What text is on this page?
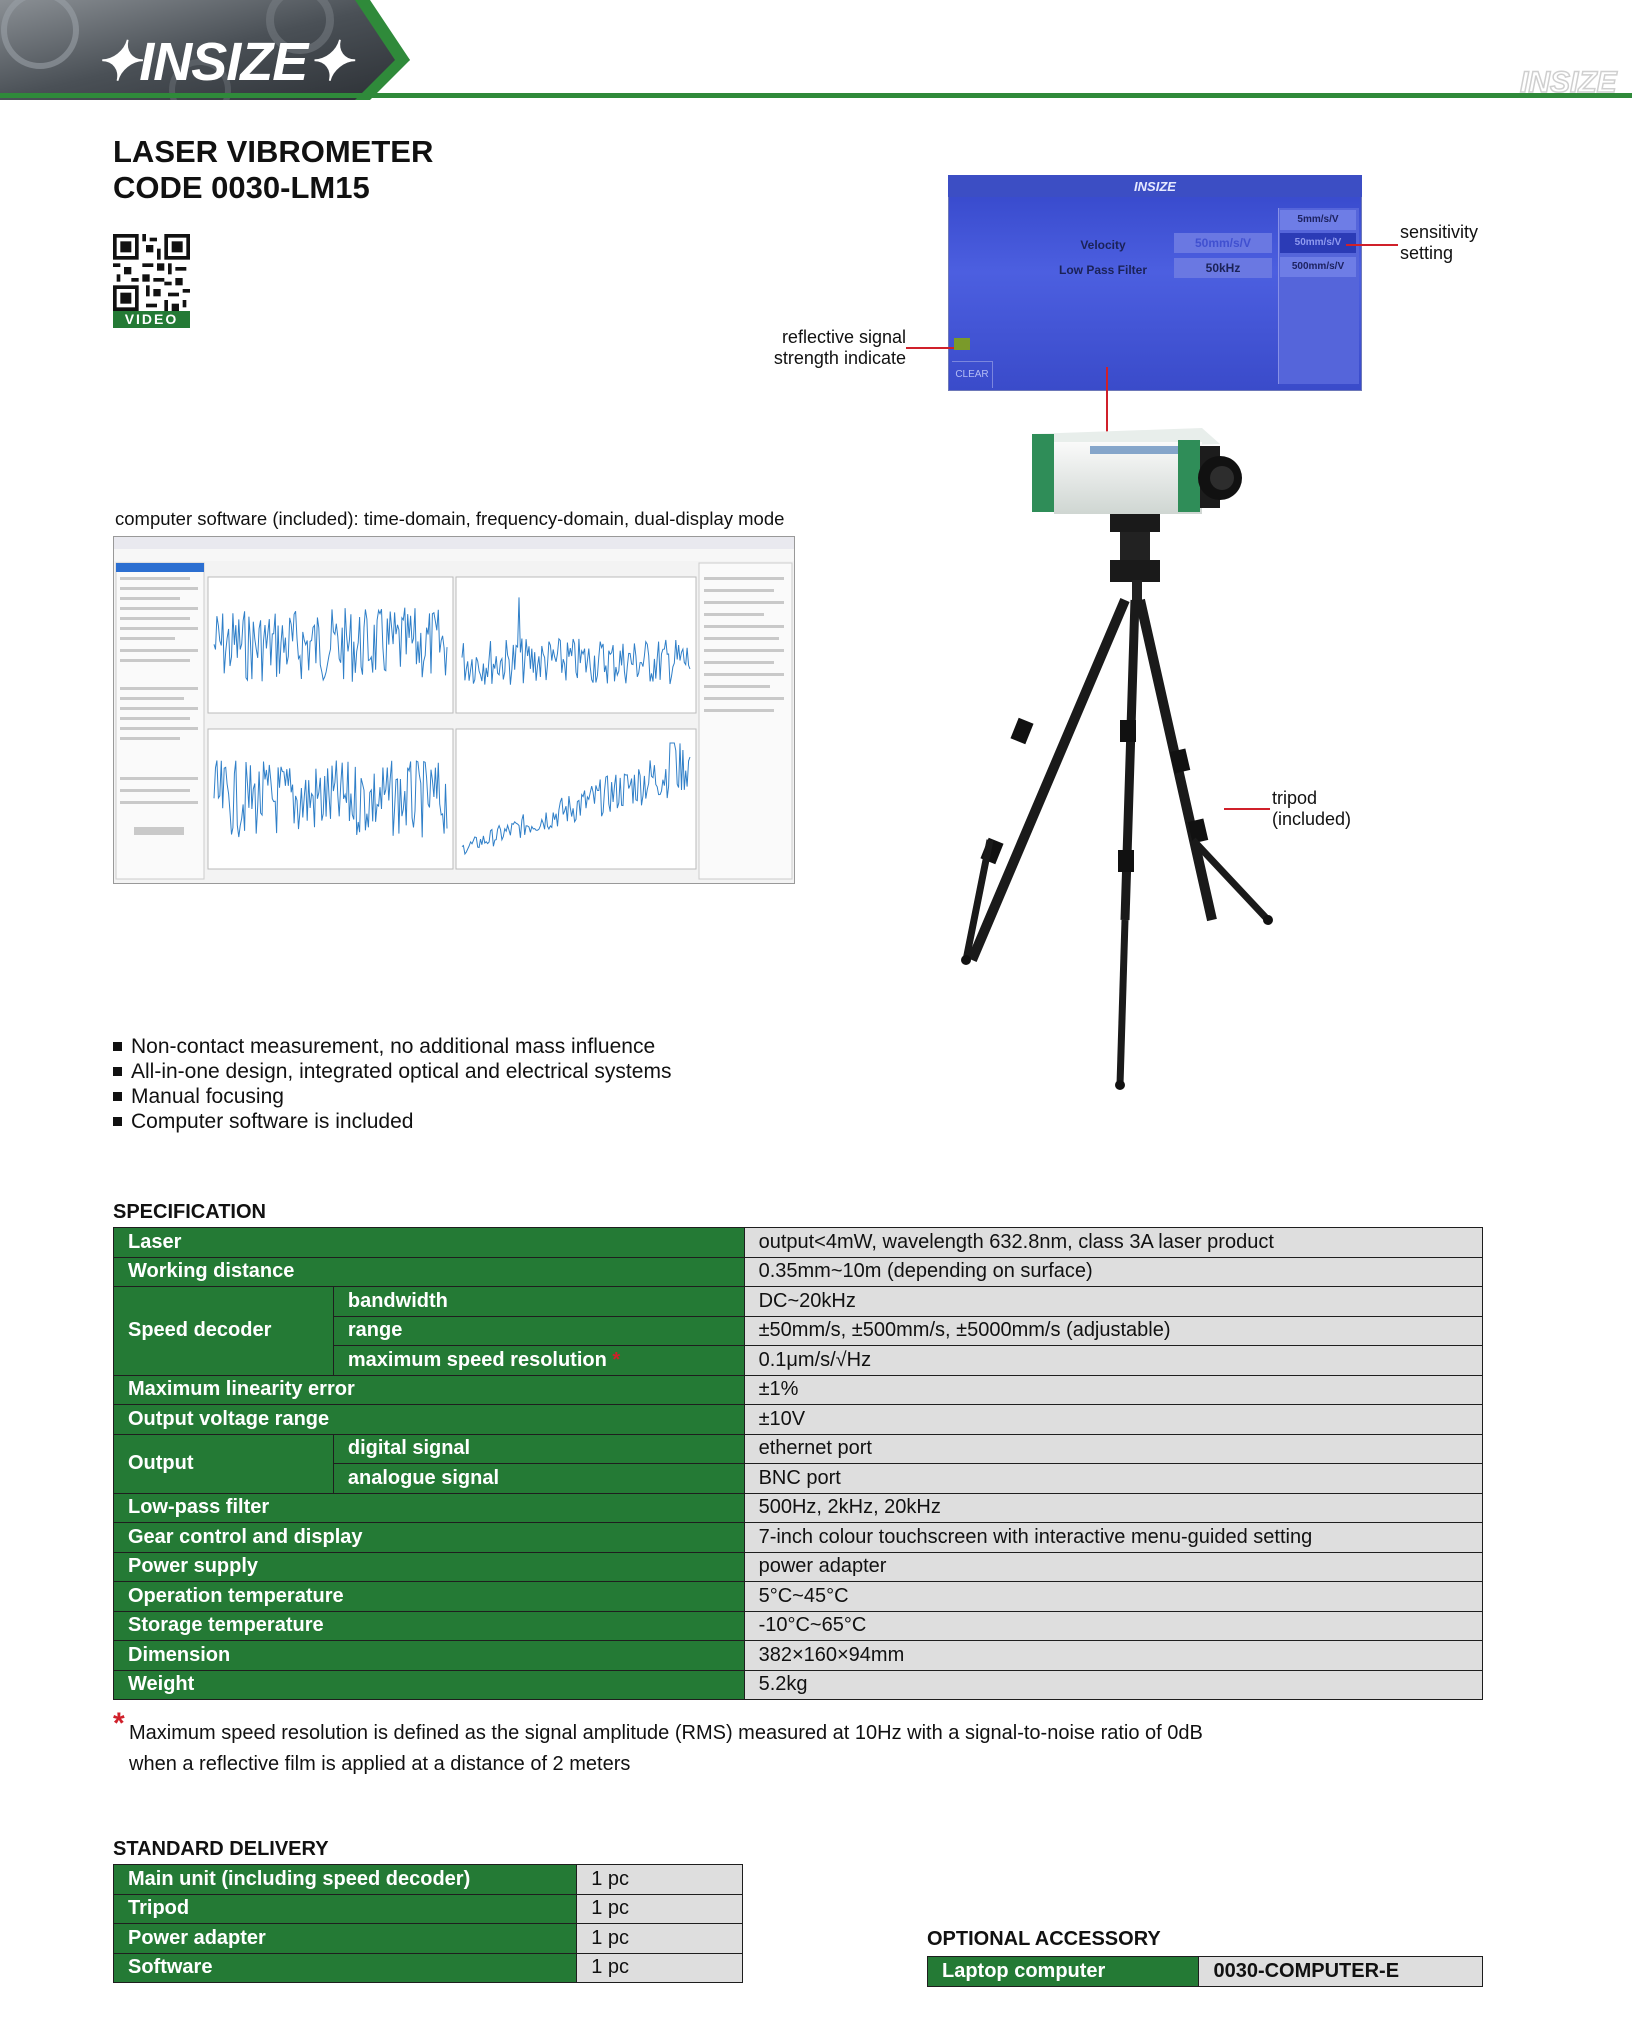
✦INSIZE✦	INSIZE
LASER VIBROMETER
CODE 0030-LM15
VIDEO
computer software (included): time-domain, frequency-domain, dual-display mode
INSIZE
5mm/s/V
50mm/s/V
500mm/s/V
Velocity
Low Pass Filter
50mm/s/V
50kHz
CLEAR
sensitivity
setting
reflective signal
strength indicate
tripod
(included)
Non-contact measurement, no additional mass influence
All-in-one design, integrated optical and electrical systems
Manual focusing
Computer software is included
SPECIFICATION
Laser		output<4mW, wavelength 632.8nm, class 3A laser product
Working distance		0.35mm~10m (depending on surface)
Speed decoder	bandwidth	DC~20kHz
	range	±50mm/s, ±500mm/s, ±5000mm/s (adjustable)
	maximum speed resolution *	0.1μm/s/√Hz
Maximum linearity error		±1%
Output voltage range		±10V
Output	digital signal	ethernet port
	analogue signal	BNC port
Low-pass filter		500Hz, 2kHz, 20kHz
Gear control and display		7-inch colour touchscreen with interactive menu-guided setting
Power supply		power adapter
Operation temperature		5°C~45°C
Storage temperature		-10°C~65°C
Dimension		382×160×94mm
Weight		5.2kg
* Maximum speed resolution is defined as the signal amplitude (RMS) measured at 10Hz with a signal-to-noise ratio of 0dB
when a reflective film is applied at a distance of 2 meters
STANDARD DELIVERY
Main unit (including speed decoder)	1 pc
Tripod	1 pc
Power adapter	1 pc
Software	1 pc
OPTIONAL ACCESSORY
Laptop computer	0030-COMPUTER-E
